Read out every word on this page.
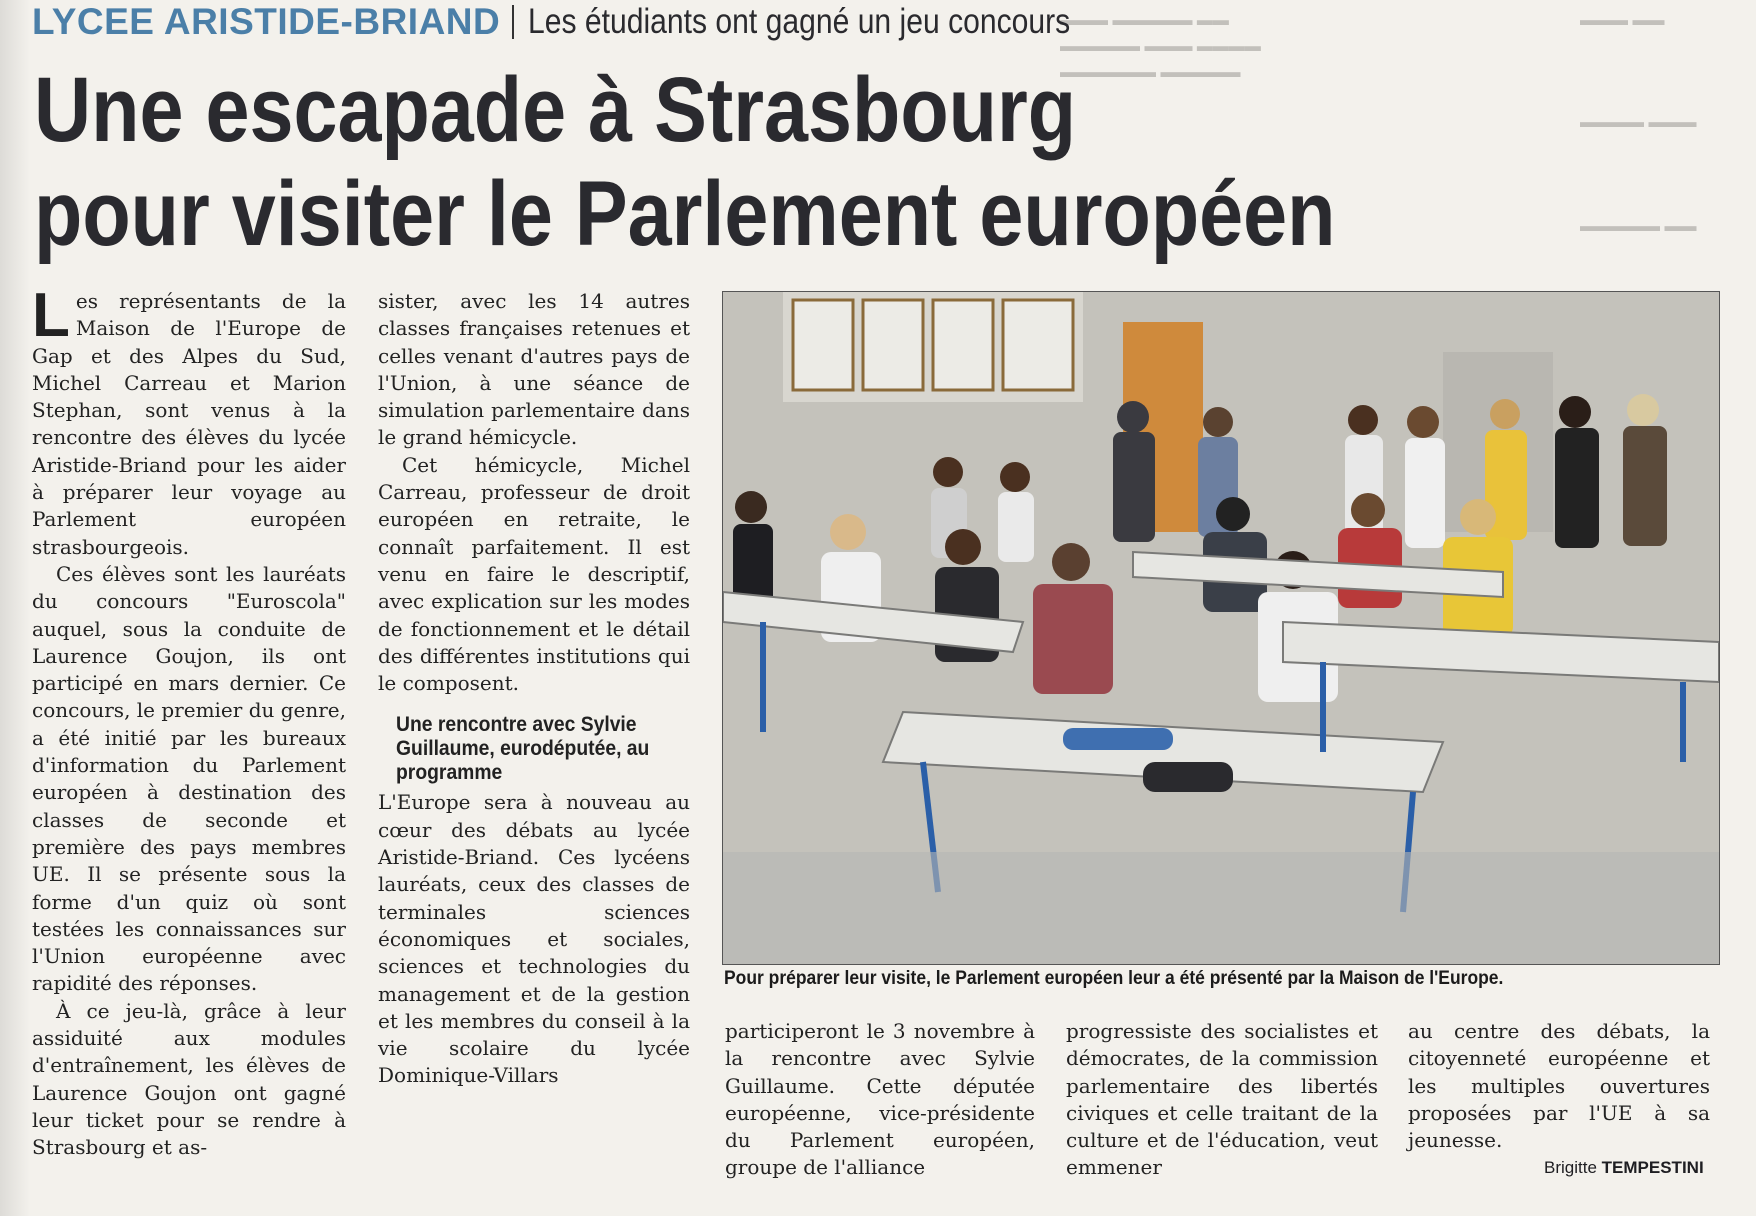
▬▬▬ ▬▬▬▬▬ ▬▬
▬▬▬▬▬ ▬▬▬ ▬▬▬▬
▬▬▬▬▬▬ ▬▬▬▬▬
▬▬▬ ▬▬
▬▬▬▬ ▬▬▬
▬▬▬▬▬ ▬▬
LYCEE ARISTIDE-BRIAND Les étudiants ont gagné un jeu concours
Une escapade à Strasbourg
pour visiter le Parlement européen

Les représentants de la Maison de l'Europe de Gap et des Alpes du Sud, Michel Carreau et Marion Stephan, sont venus à la rencontre des élèves du lycée Aristide-Briand pour les aider à préparer leur voyage au Parlement européen strasbourgeois.

Ces élèves sont les lauréats du concours "Euroscola" auquel, sous la conduite de Laurence Goujon, ils ont participé en mars dernier. Ce concours, le premier du genre, a été initié par les bureaux d'information du Parlement européen à destination des classes de seconde et première des pays membres UE. Il se présente sous la forme d'un quiz où sont testées les connaissances sur l'Union européenne avec rapidité des réponses.

À ce jeu-là, grâce à leur assiduité aux modules d'entraînement, les élèves de Laurence Goujon ont gagné leur ticket pour se rendre à Strasbourg et as-

sister, avec les 14 autres classes françaises retenues et celles venant d'autres pays de l'Union, à une séance de simulation parlementaire dans le grand hémicycle.

Cet hémicycle, Michel Carreau, professeur de droit européen en retraite, le connaît parfaitement. Il est venu en faire le descriptif, avec explication sur les modes de fonctionnement et le détail des différentes institutions qui le composent.

Une rencontre avec Sylvie Guillaume, eurodéputée, au programme

L'Europe sera à nouveau au cœur des débats au lycée Aristide-Briand. Ces lycéens lauréats, ceux des classes de terminales sciences économiques et sociales, sciences et technologies du management et de la gestion et les membres du conseil à la vie scolaire du lycée Dominique-Villars

Pour préparer leur visite, le Parlement européen leur a été présenté par la Maison de l'Europe.

participeront le 3 novembre à la rencontre avec Sylvie Guillaume. Cette députée européenne, vice-présidente du Parlement européen, groupe de l'alliance

progressiste des socialistes et démocrates, de la commission parlementaire des libertés civiques et celle traitant de la culture et de l'éducation, veut emmener

au centre des débats, la citoyenneté européenne et les multiples ouvertures proposées par l'UE à sa jeunesse.

Brigitte TEMPESTINI
